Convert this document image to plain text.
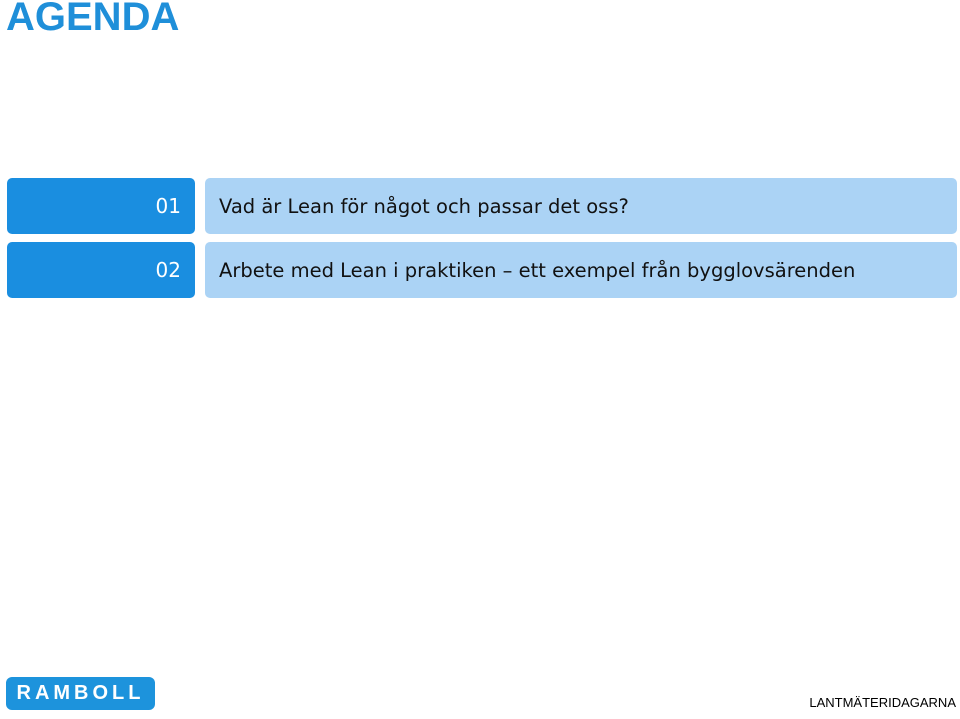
AGENDA
01	Vad är Lean för något och passar det oss?
02	Arbete med Lean i praktiken – ett exempel från bygglovsärenden
RAMBOLL	LANTMÄTERIDAGARNA
